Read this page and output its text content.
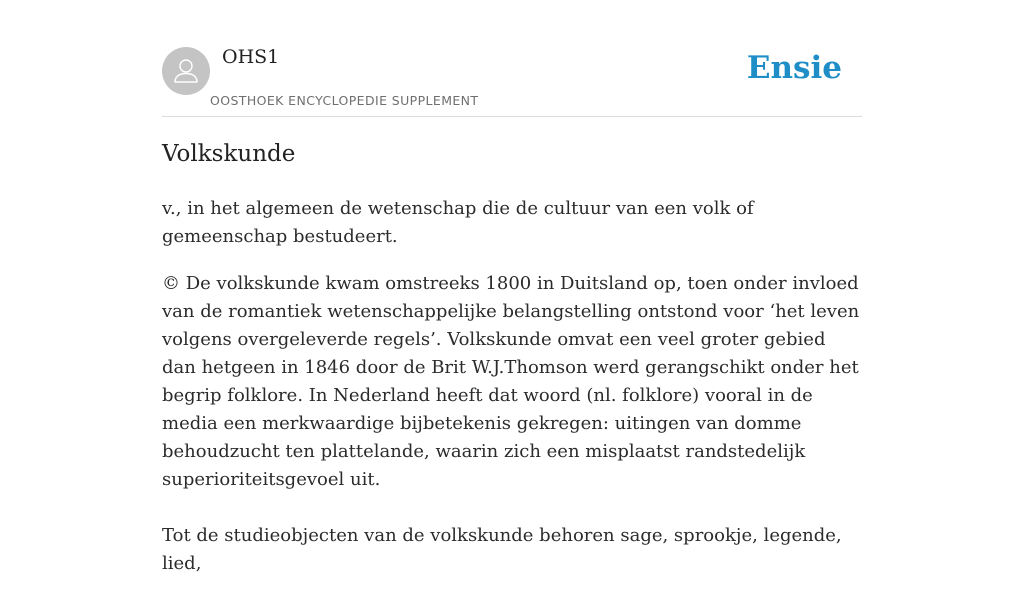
OHS1
OOSTHOEK ENCYCLOPEDIE SUPPLEMENT
Ensie
Volkskunde

v., in het algemeen de wetenschap die de cultuur van een volk of gemeenschap bestudeert.

© De volkskunde kwam omstreeks 1800 in Duitsland op, toen onder invloed van de romantiek wetenschappelijke belangstelling ontstond voor ‘het leven volgens overgeleverde regels’. Volkskunde omvat een veel groter gebied dan hetgeen in 1846 door de Brit W.J.Thomson werd gerangschikt onder het begrip folklore. In Nederland heeft dat woord (nl. folklore) vooral in de media een merkwaardige bijbetekenis gekregen: uitingen van domme behoudzucht ten plattelande, waarin zich een misplaatst randstedelijk superioriteitsgevoel uit.

Tot de studieobjecten van de volkskunde behoren sage, sprookje, legende, lied,
